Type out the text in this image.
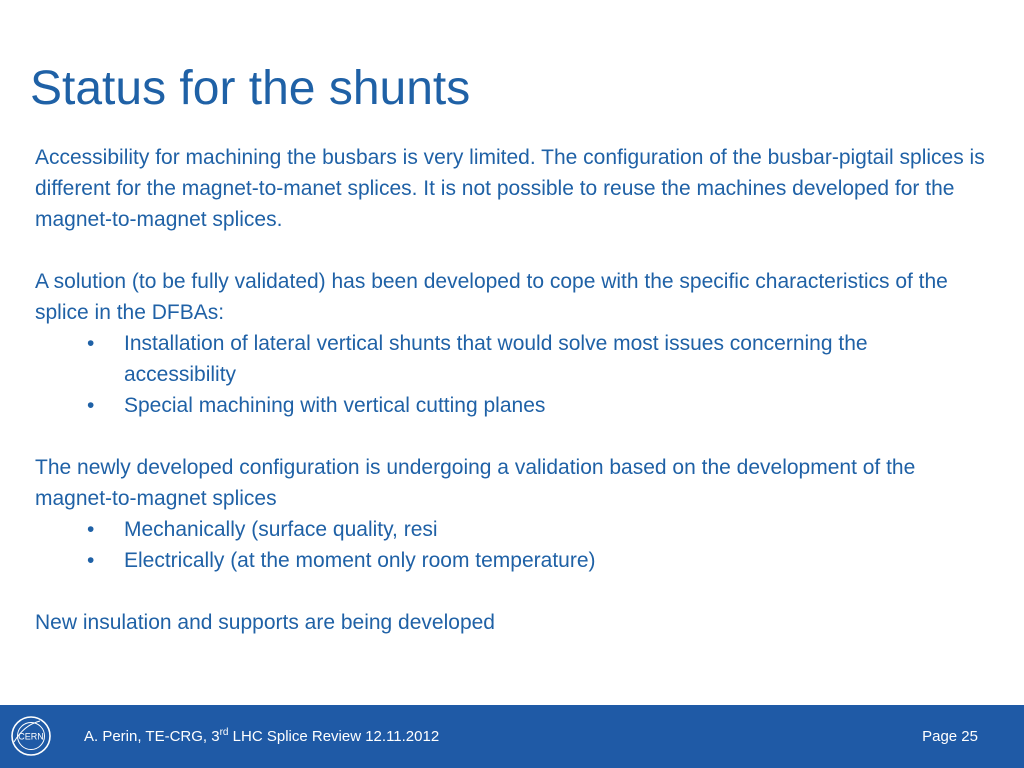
Status for the shunts

Accessibility for machining the busbars is very limited. The configuration of the busbar-pigtail splices is different for the magnet-to-manet splices. It is not possible to reuse the machines developed for the magnet-to-magnet splices.

A solution (to be fully validated) has been developed to cope with the specific characteristics of the splice in the DFBAs:

• Installation of lateral vertical shunts that would solve most issues concerning the accessibility
• Special machining with vertical cutting planes

The newly developed configuration is undergoing a validation based on the development of the magnet-to-magnet splices

• Mechanically (surface quality, resi
• Electrically (at the moment only room temperature)

New insulation and supports are being developed

CERN	A. Perin, TE-CRG, 3rd LHC Splice Review 12.11.2012	Page 25
